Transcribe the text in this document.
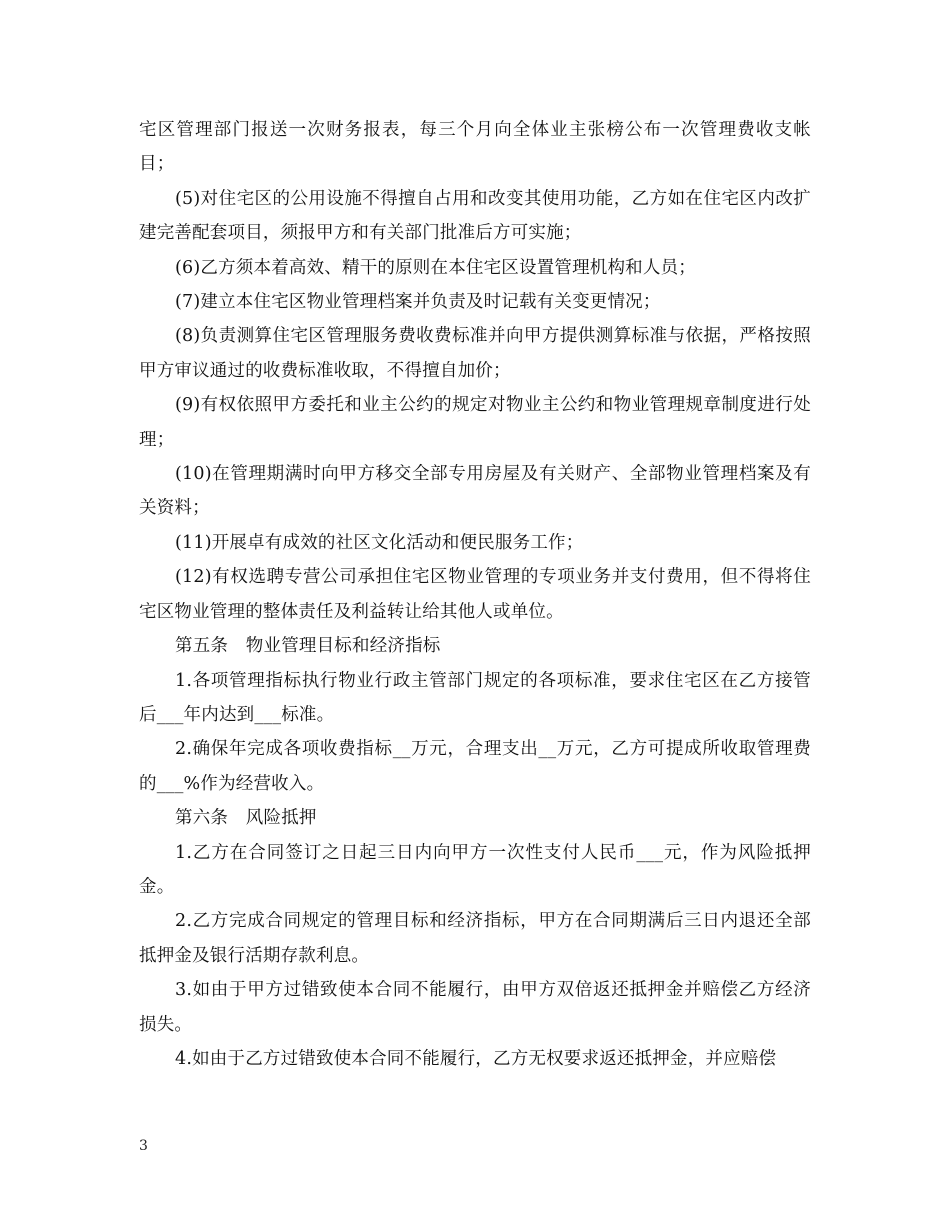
宅区管理部门报送一次财务报表，每三个月向全体业主张榜公布一次管理费收支帐目；

(5)对住宅区的公用设施不得擅自占用和改变其使用功能，乙方如在住宅区内改扩建完善配套项目，须报甲方和有关部门批准后方可实施；

(6)乙方须本着高效、精干的原则在本住宅区设置管理机构和人员；

(7)建立本住宅区物业管理档案并负责及时记载有关变更情况；

(8)负责测算住宅区管理服务费收费标准并向甲方提供测算标准与依据，严格按照甲方审议通过的收费标准收取，不得擅自加价；

(9)有权依照甲方委托和业主公约的规定对物业主公约和物业管理规章制度进行处理；

(10)在管理期满时向甲方移交全部专用房屋及有关财产、全部物业管理档案及有关资料；

(11)开展卓有成效的社区文化活动和便民服务工作；

(12)有权选聘专营公司承担住宅区物业管理的专项业务并支付费用，但不得将住宅区物业管理的整体责任及利益转让给其他人或单位。

第五条　物业管理目标和经济指标

1.各项管理指标执行物业行政主管部门规定的各项标准，要求住宅区在乙方接管后___年内达到___标准。

2.确保年完成各项收费指标__万元，合理支出__万元，乙方可提成所收取管理费的___%作为经营收入。

第六条　风险抵押

1.乙方在合同签订之日起三日内向甲方一次性支付人民币___元，作为风险抵押金。

2.乙方完成合同规定的管理目标和经济指标，甲方在合同期满后三日内退还全部抵押金及银行活期存款利息。

3.如由于甲方过错致使本合同不能履行，由甲方双倍返还抵押金并赔偿乙方经济损失。

4.如由于乙方过错致使本合同不能履行，乙方无权要求返还抵押金，并应赔偿

3
